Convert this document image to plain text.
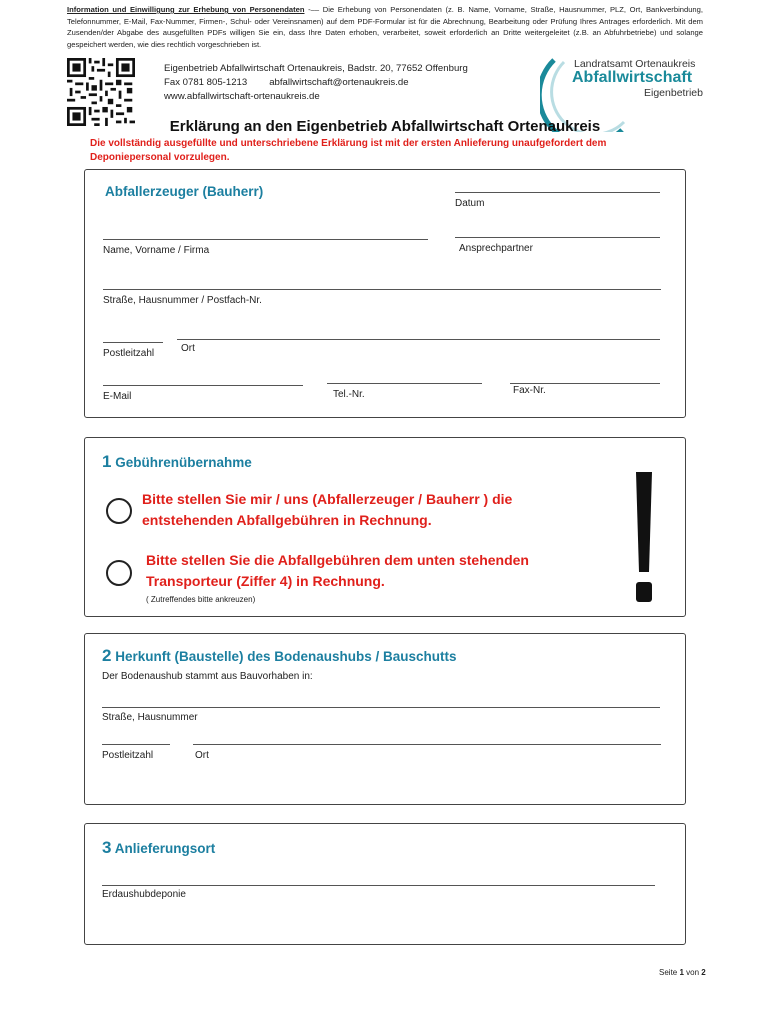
Information und Einwilligung zur Erhebung von Personendaten -–– Die Erhebung von Personendaten (z. B. Name, Vorname, Straße, Hausnummer, PLZ, Ort, Bankverbindung, Telefonnummer, E-Mail, Fax-Nummer, Firmen-, Schul- oder Vereinsnamen) auf dem PDF-Formular ist für die Abrechnung, Bearbeitung oder Prüfung Ihres Antrages erforderlich. Mit dem Zusenden/der Abgabe des ausgefüllten PDFs willigen Sie ein, dass Ihre Daten erhoben, verarbeitet, soweit erforderlich an Dritte weitergeleitet (z.B. an Abfuhrbetriebe) und solange gespeichert werden, wie dies rechtlich vorgeschrieben ist.
Eigenbetrieb Abfallwirtschaft Ortenaukreis, Badstr. 20, 77652 Offenburg
Fax 0781 805-1213 abfallwirtschaft@ortenaukreis.de
www.abfallwirtschaft-ortenaukreis.de
Landratsamt Ortenaukreis
Abfallwirtschaft
Eigenbetrieb
Erklärung an den Eigenbetrieb Abfallwirtschaft Ortenaukreis
Die vollständig ausgefüllte und unterschriebene Erklärung ist mit der ersten Anlieferung unaufgefordert dem Deponiepersonal vorzulegen.
Abfallerzeuger (Bauherr)
Datum
Name, Vorname / Firma	Ansprechpartner
Straße, Hausnummer / Postfach-Nr.
Postleitzahl	Ort
E-Mail	Tel.-Nr.	Fax-Nr.
1 Gebührenübernahme
Bitte stellen Sie mir / uns (Abfallerzeuger / Bauherr ) die
entstehenden Abfallgebühren in Rechnung.
Bitte stellen Sie die Abfallgebühren dem unten stehenden
Transporteur (Ziffer 4) in Rechnung.
( Zutreffendes bitte ankreuzen)
2 Herkunft (Baustelle) des Bodenaushubs / Bauschutts
Der Bodenaushub stammt aus Bauvorhaben in:
Straße, Hausnummer
Postleitzahl	Ort
3 Anlieferungsort
Erdaushubdeponie
Seite 1 von 2
